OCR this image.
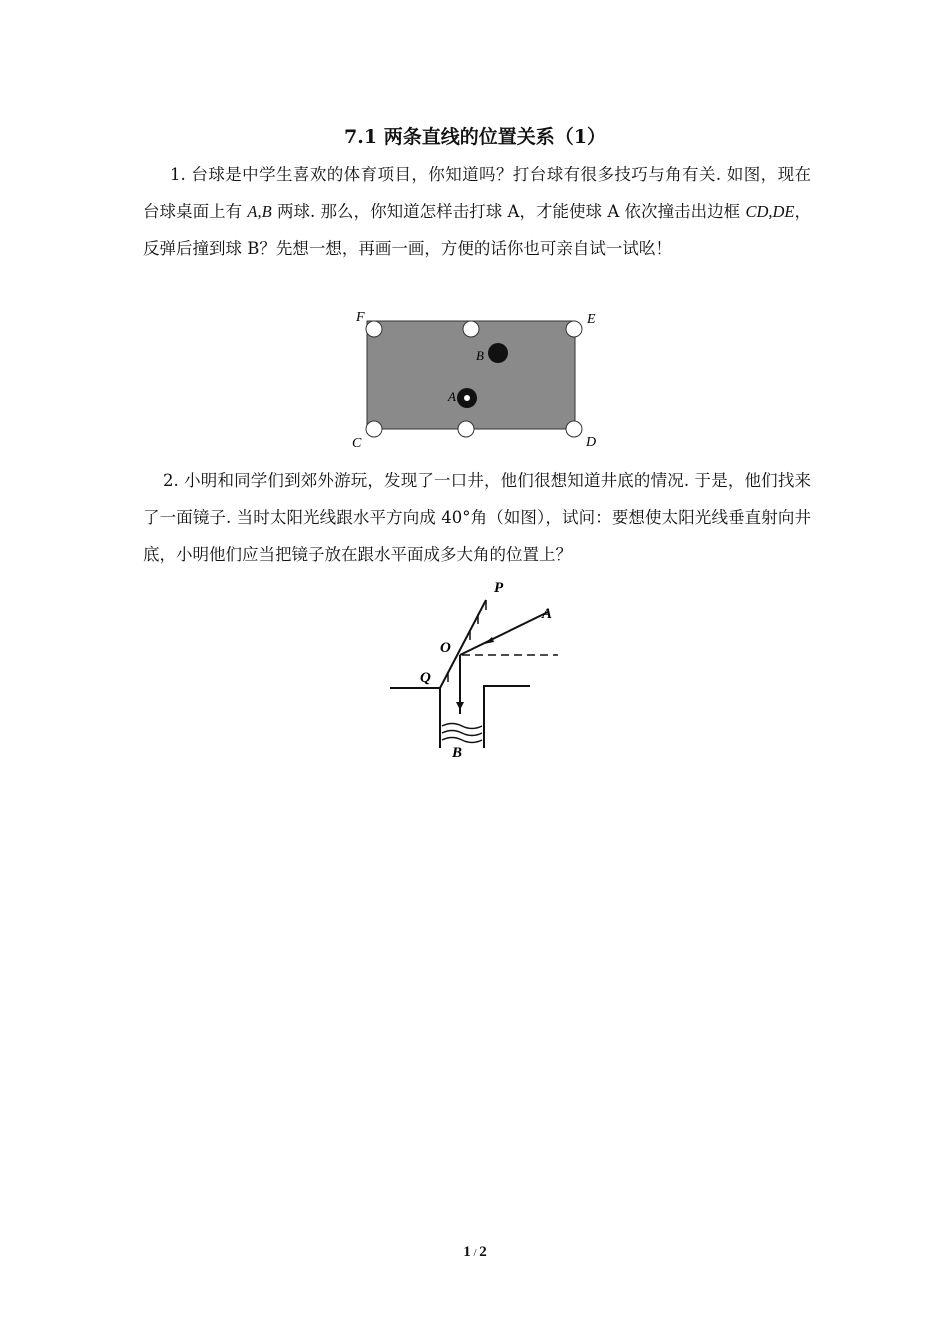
7.1 两条直线的位置关系（1）
1. 台球是中学生喜欢的体育项目，你知道吗？打台球有很多技巧与角有关. 如图，现在台球桌面上有 A,B 两球. 那么，你知道怎样击打球 A，才能使球 A 依次撞击出边框 CD,DE，反弹后撞到球 B？先想一想，再画一画，方便的话你也可亲自试一试吆！
F	E
C	D
B
A
2. 小明和同学们到郊外游玩，发现了一口井，他们很想知道井底的情况. 于是，他们找来了一面镜子. 当时太阳光线跟水平方向成 40°角（如图），试问：要想使太阳光线垂直射向井底，小明他们应当把镜子放在跟水平面成多大角的位置上？
P
A
O
Q
B
1 / 2
